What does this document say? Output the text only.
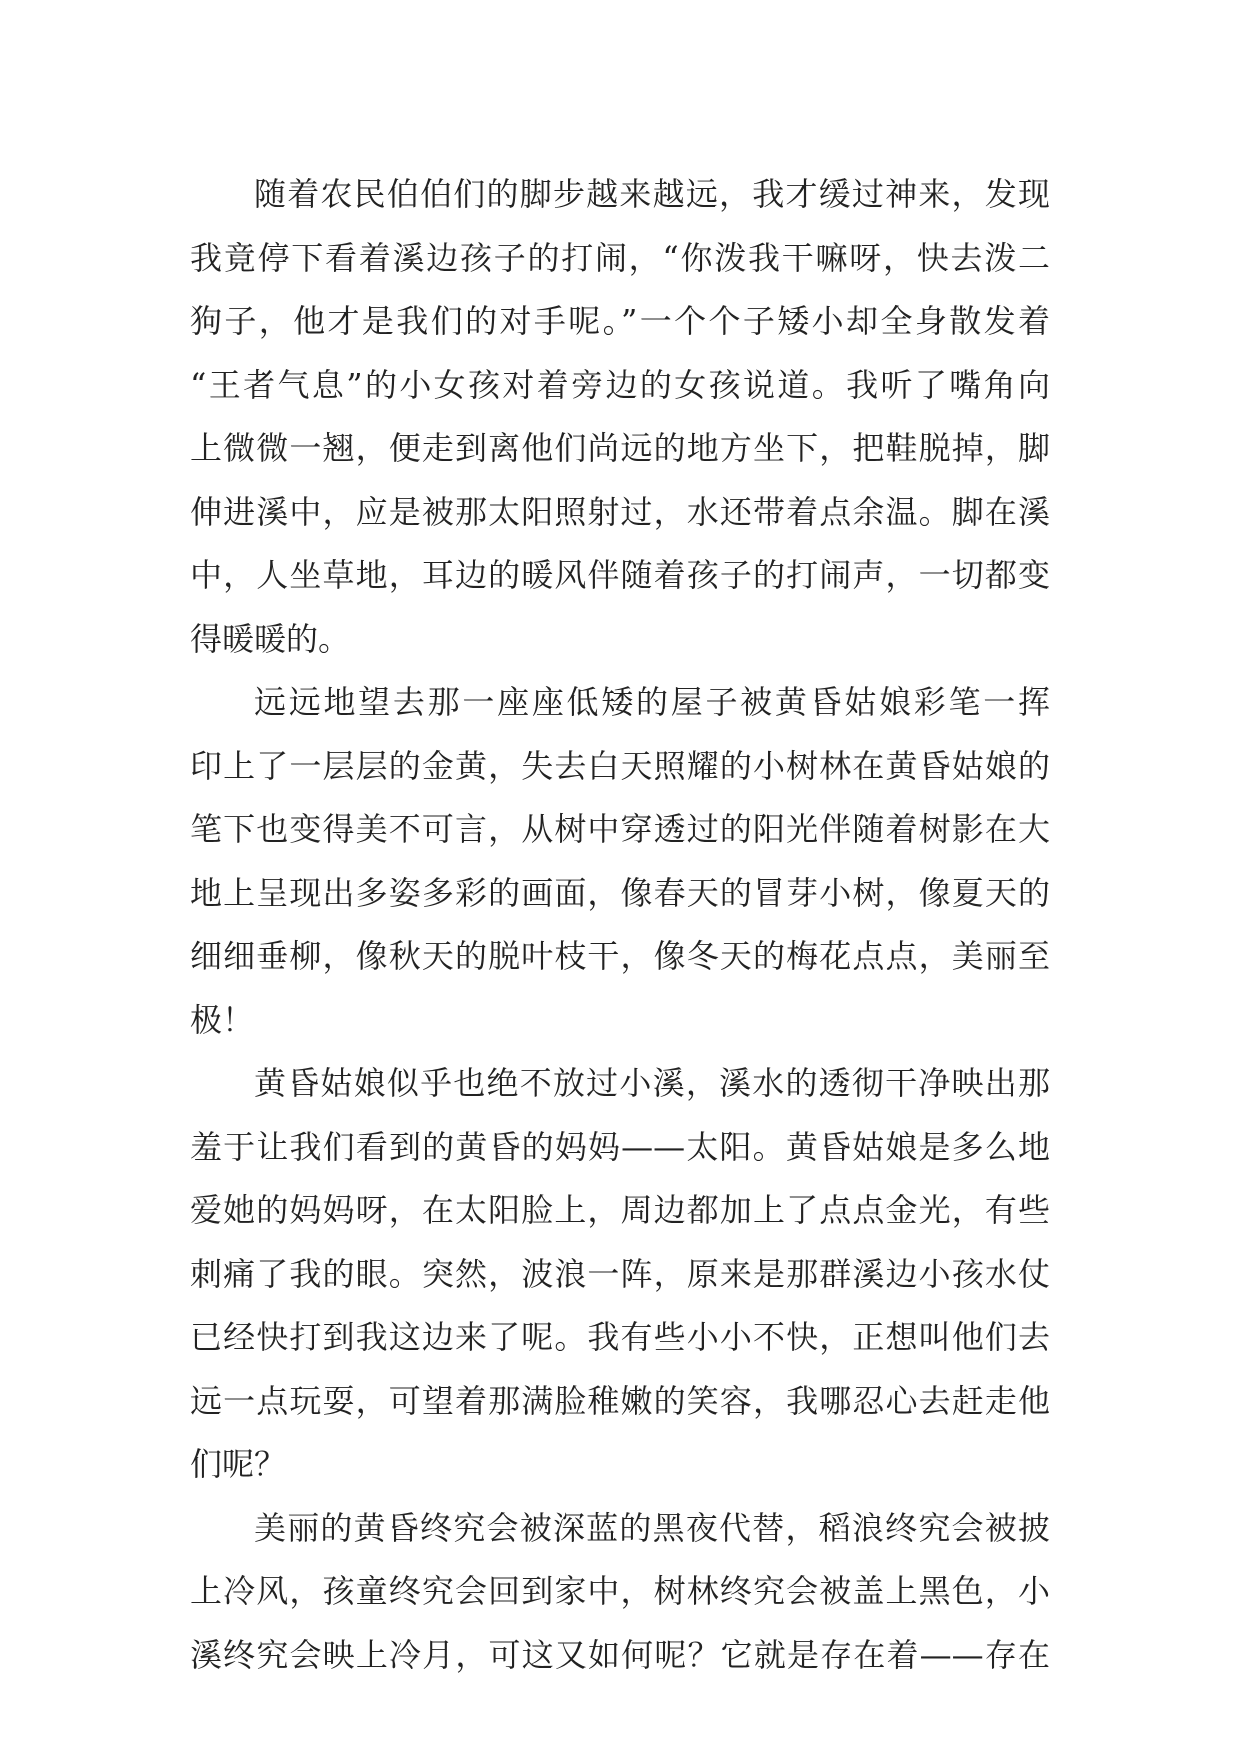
随着农民伯伯们的脚步越来越远，我才缓过神来，发现
我竟停下看着溪边孩子的打闹，“你泼我干嘛呀，快去泼二
狗子，他才是我们的对手呢。”一个个子矮小却全身散发着
“王者气息”的小女孩对着旁边的女孩说道。我听了嘴角向
上微微一翘，便走到离他们尚远的地方坐下，把鞋脱掉，脚
伸进溪中，应是被那太阳照射过，水还带着点余温。脚在溪
中，人坐草地，耳边的暖风伴随着孩子的打闹声，一切都变
得暖暖的。
远远地望去那一座座低矮的屋子被黄昏姑娘彩笔一挥
印上了一层层的金黄，失去白天照耀的小树林在黄昏姑娘的
笔下也变得美不可言，从树中穿透过的阳光伴随着树影在大
地上呈现出多姿多彩的画面，像春天的冒芽小树，像夏天的
细细垂柳，像秋天的脱叶枝干，像冬天的梅花点点，美丽至
极！
黄昏姑娘似乎也绝不放过小溪，溪水的透彻干净映出那
羞于让我们看到的黄昏的妈妈——太阳。黄昏姑娘是多么地
爱她的妈妈呀，在太阳脸上，周边都加上了点点金光，有些
刺痛了我的眼。突然，波浪一阵，原来是那群溪边小孩水仗
已经快打到我这边来了呢。我有些小小不快，正想叫他们去
远一点玩耍，可望着那满脸稚嫩的笑容，我哪忍心去赶走他
们呢？
美丽的黄昏终究会被深蓝的黑夜代替，稻浪终究会被披
上冷风，孩童终究会回到家中，树林终究会被盖上黑色，小
溪终究会映上冷月，可这又如何呢？它就是存在着——存在
